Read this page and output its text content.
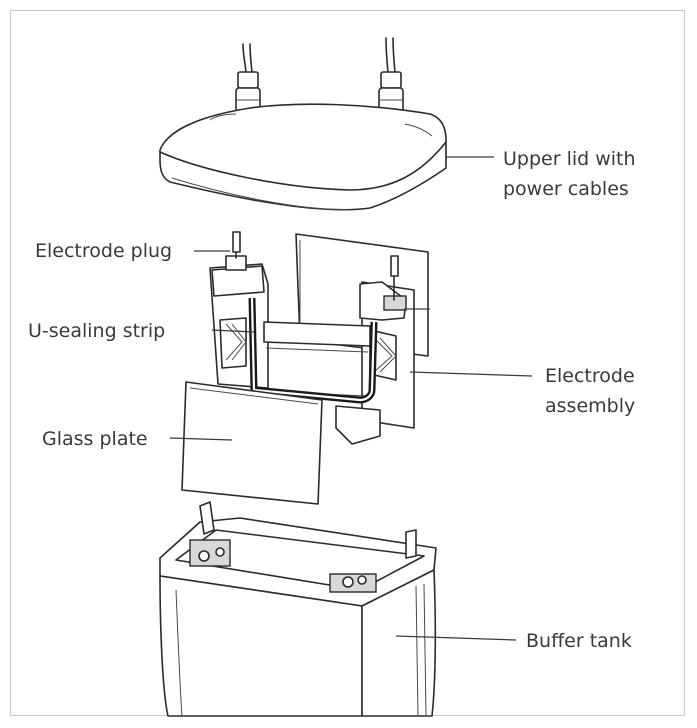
Upper lid with
power cables
Electrode plug
U-sealing strip
Electrode
assembly
Glass plate
Buffer tank
